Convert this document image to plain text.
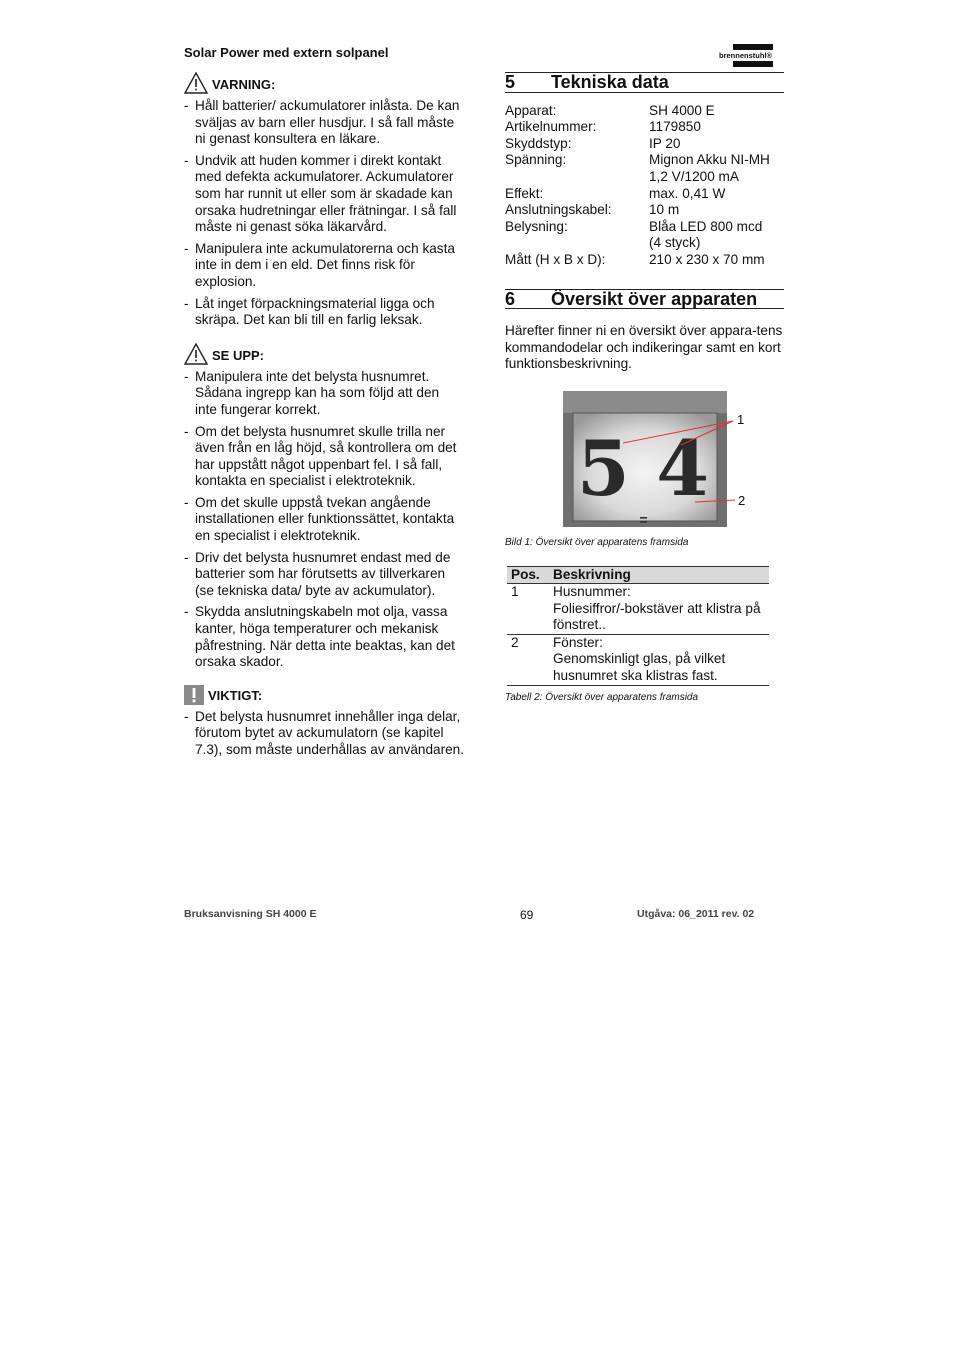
Solar Power med extern solpanel	brennenstuhl®
VARNING:
- Håll batterier/ ackumulatorer inlåsta. De kan sväljas av barn eller husdjur. I så fall måste ni genast konsultera en läkare.
- Undvik att huden kommer i direkt kontakt med defekta ackumulatorer. Ackumulatorer som har runnit ut eller som är skadade kan orsaka hudretningar eller frätningar. I så fall måste ni genast söka läkarvård.
- Manipulera inte ackumulatorerna och kasta inte in dem i en eld. Det finns risk för explosion.
- Låt inget förpackningsmaterial ligga och skräpa. Det kan bli till en farlig leksak.
SE UPP:
- Manipulera inte det belysta husnumret. Sådana ingrepp kan ha som följd att den inte fungerar korrekt.
- Om det belysta husnumret skulle trilla ner även från en låg höjd, så kontrollera om det har uppstått något uppenbart fel. I så fall, kontakta en specialist i elektroteknik.
- Om det skulle uppstå tvekan angående installationen eller funktionssättet, kontakta en specialist i elektroteknik.
- Driv det belysta husnumret endast med de batterier som har förutsetts av tillverkaren (se tekniska data/ byte av ackumulator).
- Skydda anslutningskabeln mot olja, vassa kanter, höga temperaturer och mekanisk påfrestning. När detta inte beaktas, kan det orsaka skador.
VIKTIGT:
- Det belysta husnumret innehåller inga delar, förutom bytet av ackumulatorn (se kapitel 7.3), som måste underhållas av användaren.
5	Tekniska data
Apparat:	SH 4000 E
Artikelnummer:	1179850
Skyddstyp:	IP 20
Spänning:	Mignon Akku NI-MH
	1,2 V/1200 mA
Effekt:	max. 0,41 W
Anslutningskabel:	10 m
Belysning:	Blåa LED 800 mcd
	(4 styck)
Mått (H x B x D):	210 x 230 x 70 mm
6	Översikt över apparaten
Härefter finner ni en översikt över appara-tens kommandodelar och indikeringar samt en kort funktionsbeskrivning.
5 4
1
2
Bild 1: Översikt över apparatens framsida
Pos.	Beskrivning
1	Husnummer:
Foliesiffror/-bokstäver att klistra på fönstret..

2	Fönster:
Genomskinligt glas, på vilket husnumret ska klistras fast.
Tabell 2: Översikt över apparatens framsida
Bruksanvisning SH 4000 E	69	Utgåva: 06_2011 rev. 02
